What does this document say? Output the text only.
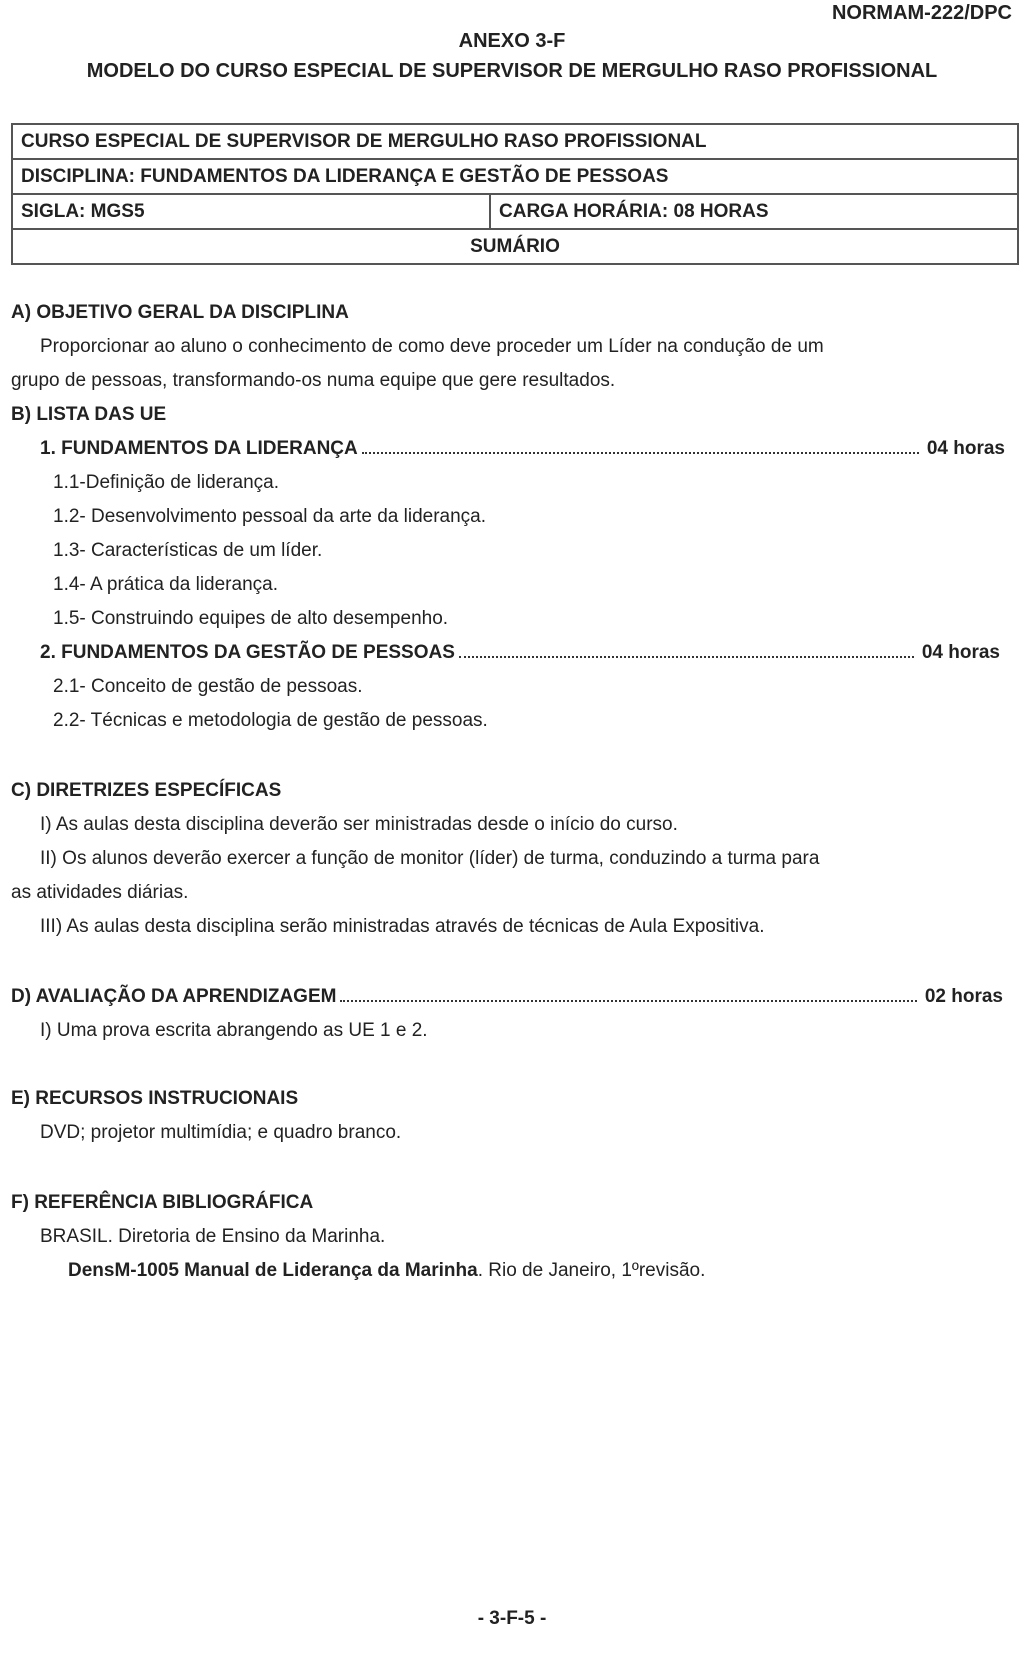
NORMAM-222/DPC
ANEXO 3-F
MODELO DO CURSO ESPECIAL DE SUPERVISOR DE MERGULHO RASO PROFISSIONAL
CURSO ESPECIAL DE SUPERVISOR DE MERGULHO RASO PROFISSIONAL
DISCIPLINA: FUNDAMENTOS DA LIDERANÇA E GESTÃO DE PESSOAS
SIGLA: MGS5	CARGA HORÁRIA: 08 HORAS
SUMÁRIO
A) OBJETIVO GERAL DA DISCIPLINA
Proporcionar ao aluno o conhecimento de como deve proceder um Líder na condução de um
grupo de pessoas, transformando-os numa equipe que gere resultados.
B) LISTA DAS UE
1. FUNDAMENTOS DA LIDERANÇA	04 horas
1.1-Definição de liderança.
1.2- Desenvolvimento pessoal da arte da liderança.
1.3- Características de um líder.
1.4- A prática da liderança.
1.5- Construindo equipes de alto desempenho.
2. FUNDAMENTOS DA GESTÃO DE PESSOAS	04 horas
2.1- Conceito de gestão de pessoas.
2.2- Técnicas e metodologia de gestão de pessoas.
C) DIRETRIZES ESPECÍFICAS
I) As aulas desta disciplina deverão ser ministradas desde o início do curso.
II) Os alunos deverão exercer a função de monitor (líder) de turma, conduzindo a turma para
as atividades diárias.
III) As aulas desta disciplina serão ministradas através de técnicas de Aula Expositiva.
D) AVALIAÇÃO DA APRENDIZAGEM	02 horas
I) Uma prova escrita abrangendo as UE 1 e 2.
E) RECURSOS INSTRUCIONAIS
DVD; projetor multimídia; e quadro branco.
F) REFERÊNCIA BIBLIOGRÁFICA
BRASIL. Diretoria de Ensino da Marinha.
DensM-1005 Manual de Liderança da Marinha. Rio de Janeiro, 1ºrevisão.
- 3-F-5 -
